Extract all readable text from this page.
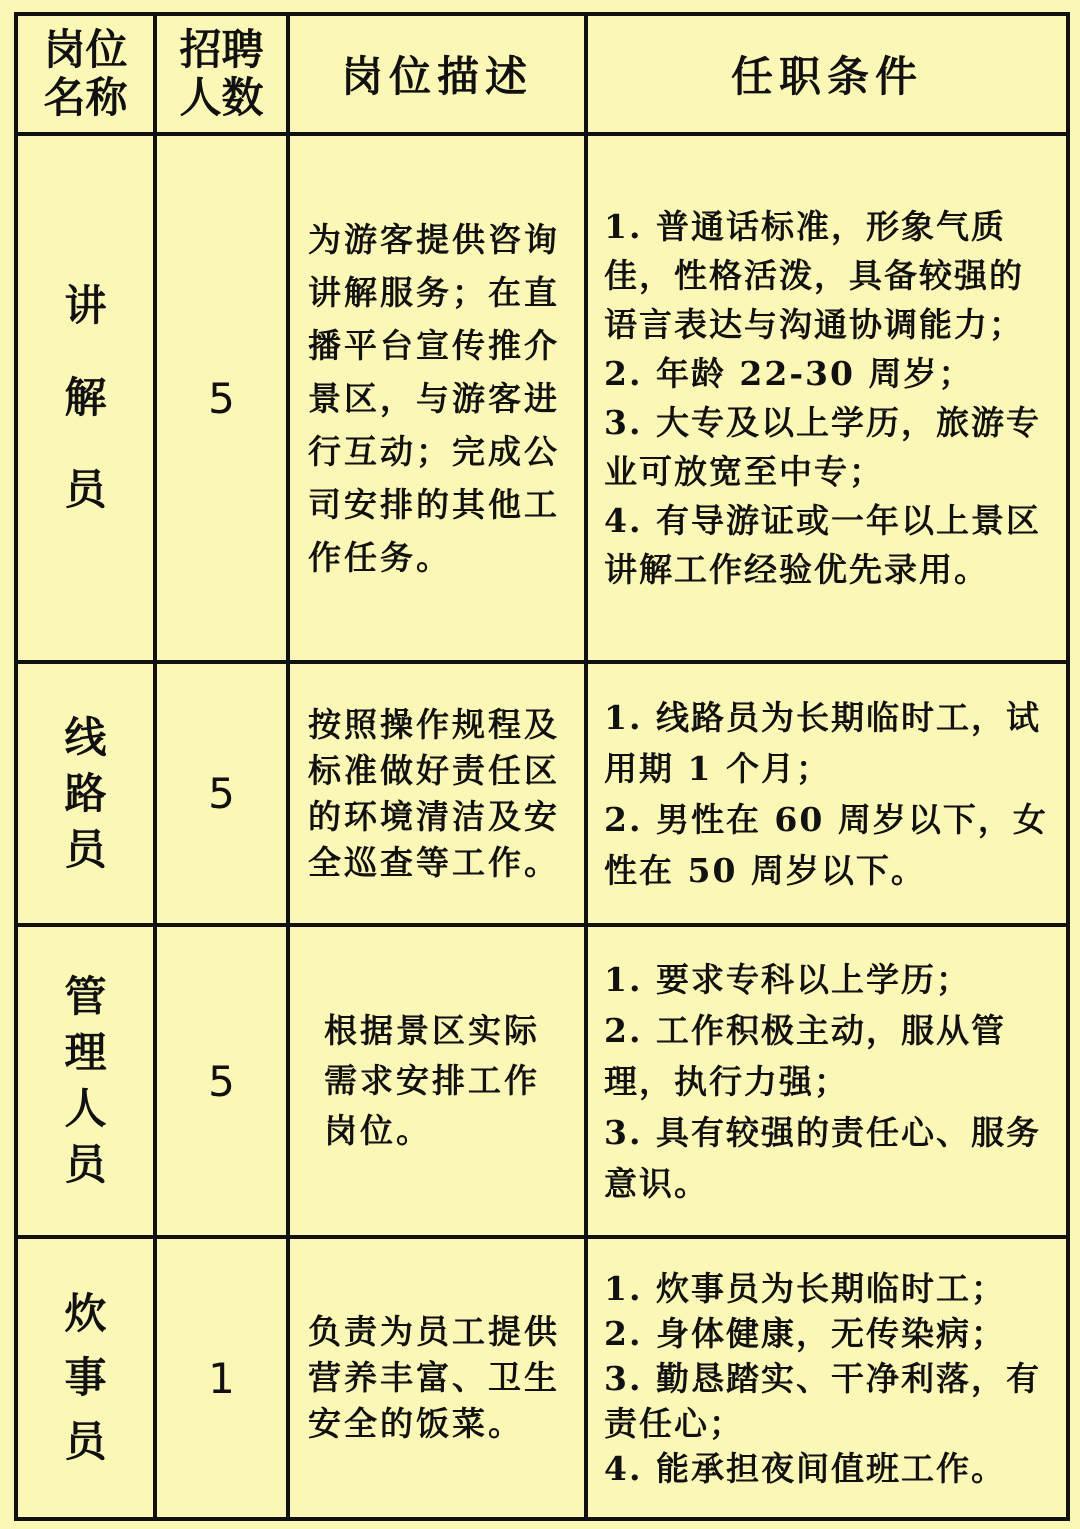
岗位名称	招聘人数	岗位描述	任职条件
讲解员	5	为游客提供咨询讲解服务；在直播平台宣传推介景区，与游客进行互动；完成公司安排的其他工作任务。	1. 普通话标准，形象气质佳，性格活泼，具备较强的语言表达与沟通协调能力；
2. 年龄 22-30 周岁；
3. 大专及以上学历，旅游专业可放宽至中专；
4. 有导游证或一年以上景区讲解工作经验优先录用。

线路员	5	按照操作规程及标准做好责任区的环境清洁及安全巡查等工作。	1. 线路员为长期临时工，试用期 1 个月；
2. 男性在 60 周岁以下，女性在 50 周岁以下。

管理人员	5	根据景区实际需求安排工作岗位。	1. 要求专科以上学历；
2. 工作积极主动，服从管理，执行力强；
3. 具有较强的责任心、服务意识。

炊事员	1	负责为员工提供营养丰富、卫生安全的饭菜。	1. 炊事员为长期临时工；
2. 身体健康，无传染病；
3. 勤恳踏实、干净利落，有责任心；
4. 能承担夜间值班工作。
